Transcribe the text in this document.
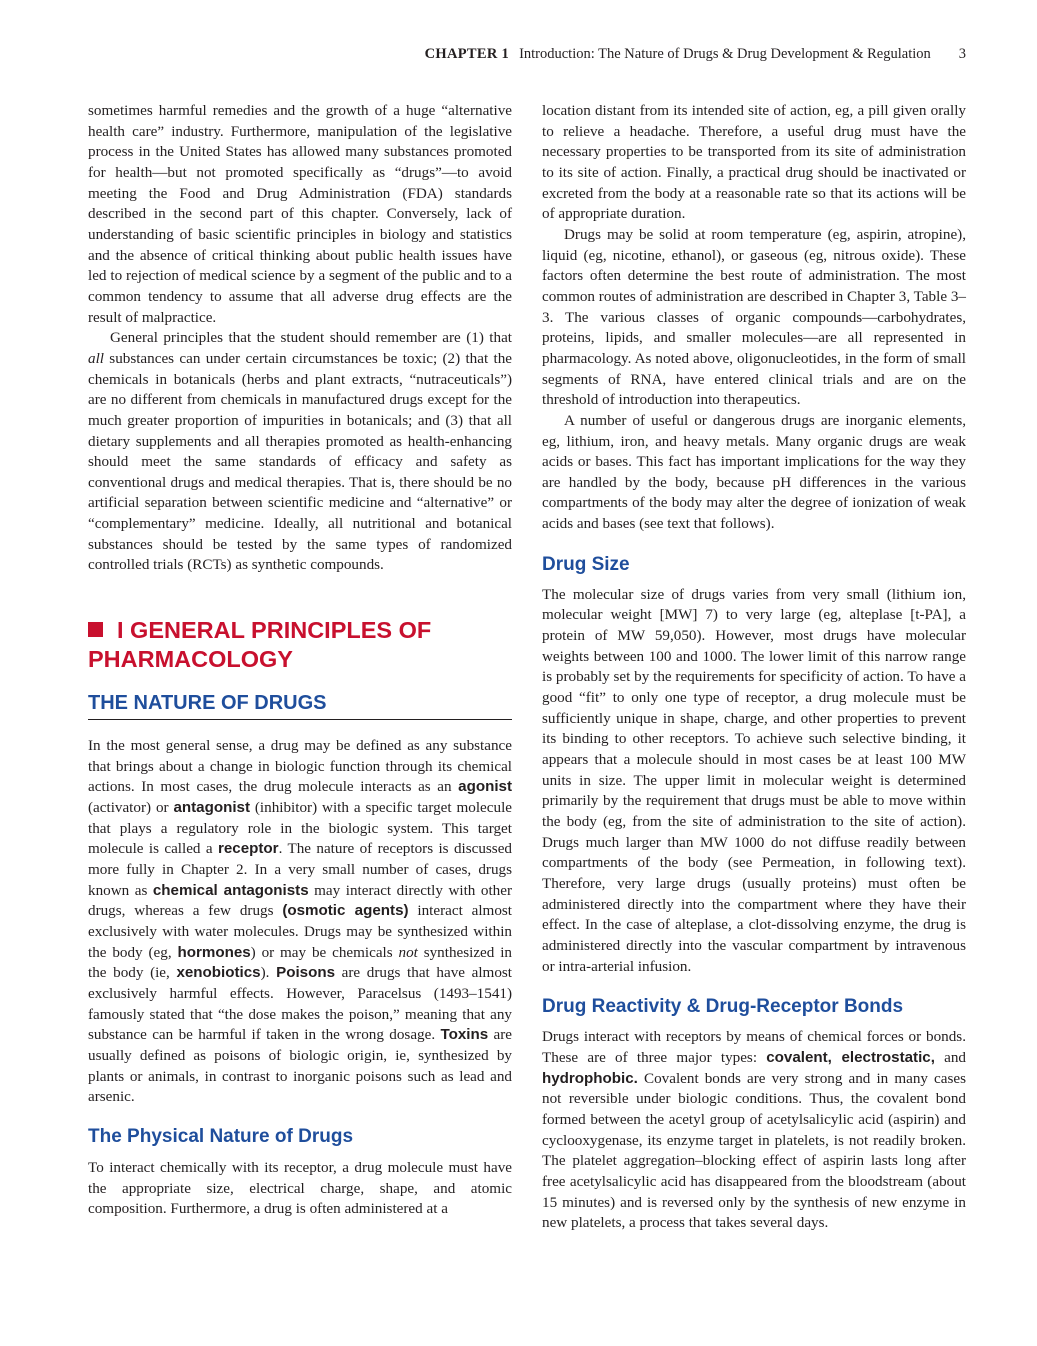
CHAPTER 1 Introduction: The Nature of Drugs & Drug Development & Regulation 3

sometimes harmful remedies and the growth of a huge “alternative health care” industry. Furthermore, manipulation of the legislative process in the United States has allowed many substances promoted for health—but not promoted specifically as “drugs”—to avoid meeting the Food and Drug Administration (FDA) standards described in the second part of this chapter. Conversely, lack of understanding of basic scientific principles in biology and statistics and the absence of critical thinking about public health issues have led to rejection of medical science by a segment of the public and to a common tendency to assume that all adverse drug effects are the result of malpractice.

General principles that the student should remember are (1) that all substances can under certain circumstances be toxic; (2) that the chemicals in botanicals (herbs and plant extracts, “nutraceuticals”) are no different from chemicals in manufactured drugs except for the much greater proportion of impurities in botanicals; and (3) that all dietary supplements and all therapies promoted as health-enhancing should meet the same standards of efficacy and safety as conventional drugs and medical therapies. That is, there should be no artificial separation between scientific medicine and “alternative” or “complementary” medicine. Ideally, all nutritional and botanical substances should be tested by the same types of randomized controlled trials (RCTs) as synthetic compounds.

I GENERAL PRINCIPLES OF
PHARMACOLOGY
THE NATURE OF DRUGS

In the most general sense, a drug may be defined as any substance that brings about a change in biologic function through its chemical actions. In most cases, the drug molecule interacts as an agonist (activator) or antagonist (inhibitor) with a specific target molecule that plays a regulatory role in the biologic system. This target molecule is called a receptor. The nature of receptors is discussed more fully in Chapter 2. In a very small number of cases, drugs known as chemical antagonists may interact directly with other drugs, whereas a few drugs (osmotic agents) interact almost exclusively with water molecules. Drugs may be synthesized within the body (eg, hormones) or may be chemicals not synthesized in the body (ie, xenobiotics). Poisons are drugs that have almost exclusively harmful effects. However, Paracelsus (1493–1541) famously stated that “the dose makes the poison,” meaning that any substance can be harmful if taken in the wrong dosage. Toxins are usually defined as poisons of biologic origin, ie, synthesized by plants or animals, in contrast to inorganic poisons such as lead and arsenic.

The Physical Nature of Drugs

To interact chemically with its receptor, a drug molecule must have the appropriate size, electrical charge, shape, and atomic composition. Furthermore, a drug is often administered at a

location distant from its intended site of action, eg, a pill given orally to relieve a headache. Therefore, a useful drug must have the necessary properties to be transported from its site of administration to its site of action. Finally, a practical drug should be inactivated or excreted from the body at a reasonable rate so that its actions will be of appropriate duration.

Drugs may be solid at room temperature (eg, aspirin, atropine), liquid (eg, nicotine, ethanol), or gaseous (eg, nitrous oxide). These factors often determine the best route of administration. The most common routes of administration are described in Chapter 3, Table 3–3. The various classes of organic compounds—carbohydrates, proteins, lipids, and smaller molecules—are all represented in pharmacology. As noted above, oligonucleotides, in the form of small segments of RNA, have entered clinical trials and are on the threshold of introduction into therapeutics.

A number of useful or dangerous drugs are inorganic elements, eg, lithium, iron, and heavy metals. Many organic drugs are weak acids or bases. This fact has important implications for the way they are handled by the body, because pH differences in the various compartments of the body may alter the degree of ionization of weak acids and bases (see text that follows).

Drug Size

The molecular size of drugs varies from very small (lithium ion, molecular weight [MW] 7) to very large (eg, alteplase [t-PA], a protein of MW 59,050). However, most drugs have molecular weights between 100 and 1000. The lower limit of this narrow range is probably set by the requirements for specificity of action. To have a good “fit” to only one type of receptor, a drug molecule must be sufficiently unique in shape, charge, and other properties to prevent its binding to other receptors. To achieve such selective binding, it appears that a molecule should in most cases be at least 100 MW units in size. The upper limit in molecular weight is determined primarily by the requirement that drugs must be able to move within the body (eg, from the site of administration to the site of action). Drugs much larger than MW 1000 do not diffuse readily between compartments of the body (see Permeation, in following text). Therefore, very large drugs (usually proteins) must often be administered directly into the compartment where they have their effect. In the case of alteplase, a clot-dissolving enzyme, the drug is administered directly into the vascular compartment by intravenous or intra-arterial infusion.

Drug Reactivity & Drug-Receptor Bonds

Drugs interact with receptors by means of chemical forces or bonds. These are of three major types: covalent, electrostatic, and hydrophobic. Covalent bonds are very strong and in many cases not reversible under biologic conditions. Thus, the covalent bond formed between the acetyl group of acetylsalicylic acid (aspirin) and cyclooxygenase, its enzyme target in platelets, is not readily broken. The platelet aggregation–blocking effect of aspirin lasts long after free acetylsalicylic acid has disappeared from the bloodstream (about 15 minutes) and is reversed only by the synthesis of new enzyme in new platelets, a process that takes several days.
